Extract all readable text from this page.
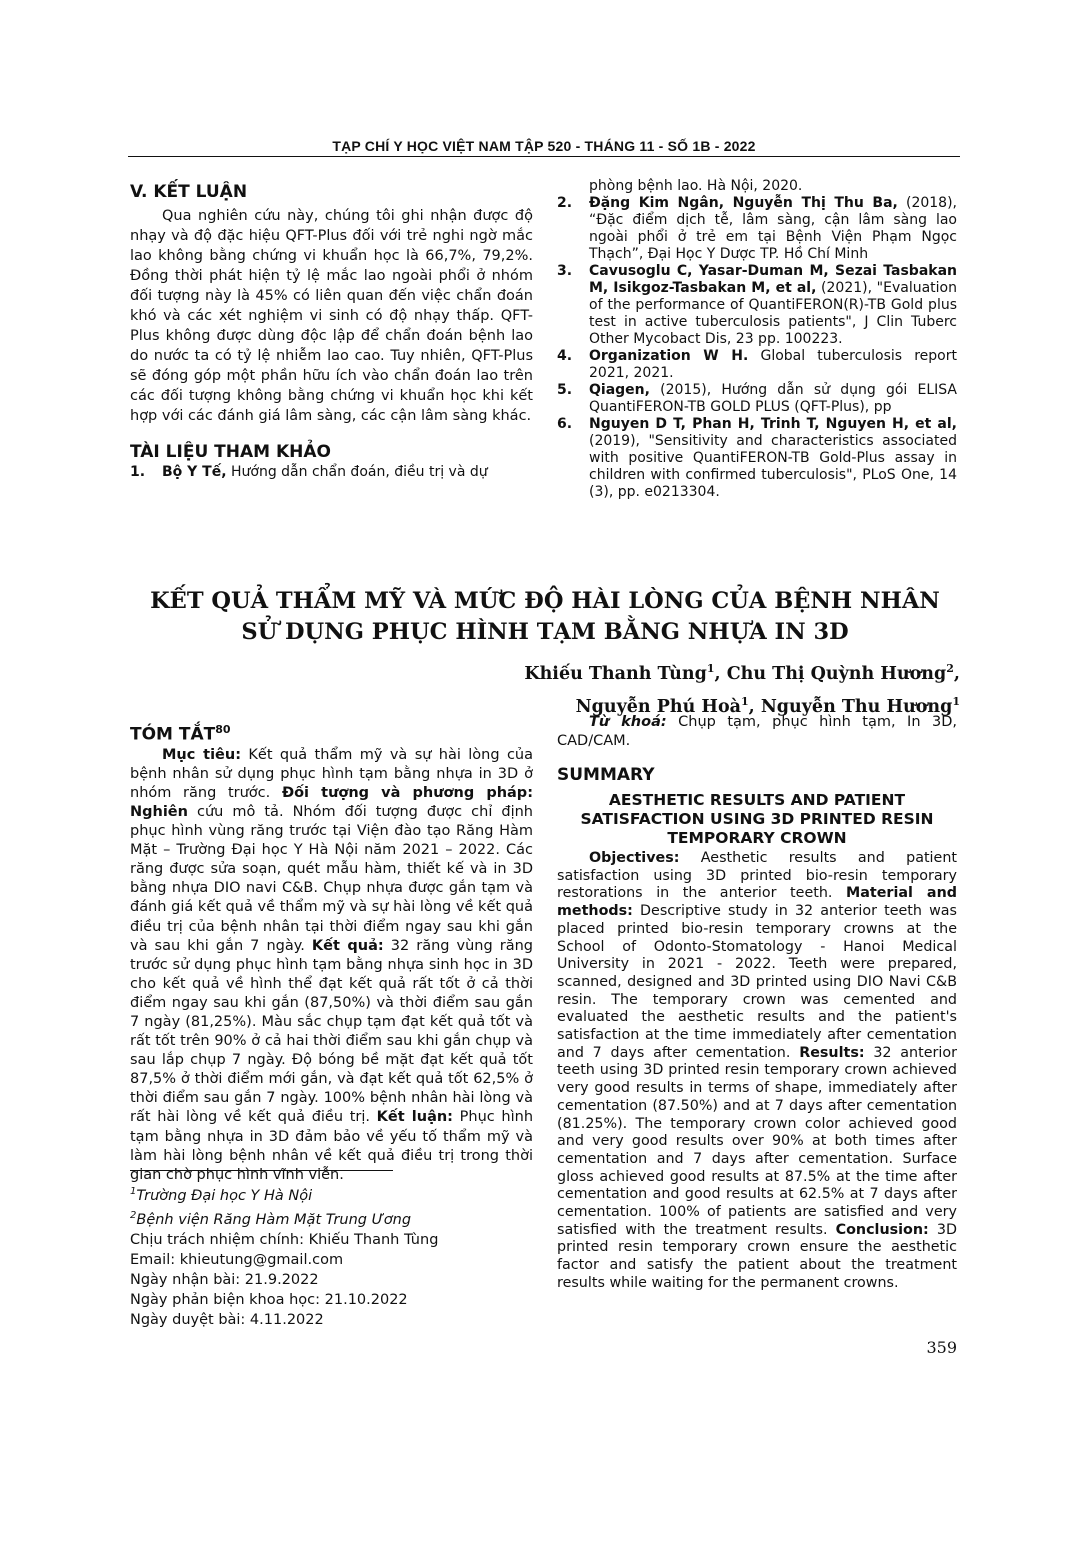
TẠP CHÍ Y HỌC VIỆT NAM TẬP 520 - THÁNG 11 - SỐ 1B - 2022
V. KẾT LUẬN

Qua nghiên cứu này, chúng tôi ghi nhận được độ nhạy và độ đặc hiệu QFT-Plus đối với trẻ nghi ngờ mắc lao không bằng chứng vi khuẩn học là 66,7%, 79,2%. Đồng thời phát hiện tỷ lệ mắc lao ngoài phổi ở nhóm đối tượng này là 45% có liên quan đến việc chẩn đoán khó và các xét nghiệm vi sinh có độ nhạy thấp. QFT-Plus không được dùng độc lập để chẩn đoán bệnh lao do nước ta có tỷ lệ nhiễm lao cao. Tuy nhiên, QFT-Plus sẽ đóng góp một phần hữu ích vào chẩn đoán lao trên các đối tượng không bằng chứng vi khuẩn học khi kết hợp với các đánh giá lâm sàng, các cận lâm sàng khác.

TÀI LIỆU THAM KHẢO
1. Bộ Y Tế, Hướng dẫn chẩn đoán, điều trị và dự
phòng bệnh lao. Hà Nội, 2020.
2. Đặng Kim Ngân, Nguyễn Thị Thu Ba, (2018), “Đặc điểm dịch tễ, lâm sàng, cận lâm sàng lao ngoài phổi ở trẻ em tại Bệnh Viện Phạm Ngọc Thạch”, Đại Học Y Dược TP. Hồ Chí Minh
3. Cavusoglu C, Yasar-Duman M, Sezai Tasbakan M, Isikgoz-Tasbakan M, et al, (2021), "Evaluation of the performance of QuantiFERON(R)-TB Gold plus test in active tuberculosis patients", J Clin Tuberc Other Mycobact Dis, 23 pp. 100223.
4. Organization W H. Global tuberculosis report 2021, 2021.
5. Qiagen, (2015), Hướng dẫn sử dụng gói ELISA QuantiFERON-TB GOLD PLUS (QFT-Plus), pp
6. Nguyen D T, Phan H, Trinh T, Nguyen H, et al, (2019), "Sensitivity and characteristics associated with positive QuantiFERON-TB Gold-Plus assay in children with confirmed tuberculosis", PLoS One, 14 (3), pp. e0213304.
KẾT QUẢ THẨM MỸ VÀ MỨC ĐỘ HÀI LÒNG CỦA BỆNH NHÂN
SỬ DỤNG PHỤC HÌNH TẠM BẰNG NHỰA IN 3D
Khiếu Thanh Tùng$^1$, Chu Thị Quỳnh Hương$^2$,
Nguyễn Phú Hoà$^1$, Nguyễn Thu Hương$^1$
TÓM TẮT$^{80}$

Mục tiêu: Kết quả thẩm mỹ và sự hài lòng của bệnh nhân sử dụng phục hình tạm bằng nhựa in 3D ở nhóm răng trước. Đối tượng và phương pháp: Nghiên cứu mô tả. Nhóm đối tượng được chỉ định phục hình vùng răng trước tại Viện đào tạo Răng Hàm Mặt – Trường Đại học Y Hà Nội năm 2021 – 2022. Các răng được sửa soạn, quét mẫu hàm, thiết kế và in 3D bằng nhựa DIO navi C&B. Chụp nhựa được gắn tạm và đánh giá kết quả về thẩm mỹ và sự hài lòng về kết quả điều trị của bệnh nhân tại thời điểm ngay sau khi gắn và sau khi gắn 7 ngày. Kết quả: 32 răng vùng răng trước sử dụng phục hình tạm bằng nhựa sinh học in 3D cho kết quả về hình thể đạt kết quả rất tốt ở cả thời điểm ngay sau khi gắn (87,50%) và thời điểm sau gắn 7 ngày (81,25%). Màu sắc chụp tạm đạt kết quả tốt và rất tốt trên 90% ở cả hai thời điểm sau khi gắn chụp và sau lắp chụp 7 ngày. Độ bóng bề mặt đạt kết quả tốt 87,5% ở thời điểm mới gắn, và đạt kết quả tốt 62,5% ở thời điểm sau gắn 7 ngày. 100% bệnh nhân hài lòng và rất hài lòng về kết quả điều trị. Kết luận: Phục hình tạm bằng nhựa in 3D đảm bảo về yếu tố thẩm mỹ và làm hài lòng bệnh nhân về kết quả điều trị trong thời gian chờ phục hình vĩnh viễn.

Từ khoá: Chụp tạm, phục hình tạm, In 3D, CAD/CAM.

SUMMARY
AESTHETIC RESULTS AND PATIENT SATISFACTION USING 3D PRINTED RESIN TEMPORARY CROWN

Objectives: Aesthetic results and patient satisfaction using 3D printed bio-resin temporary restorations in the anterior teeth. Material and methods: Descriptive study in 32 anterior teeth was placed printed bio-resin temporary crowns at the School of Odonto-Stomatology - Hanoi Medical University in 2021 - 2022. Teeth were prepared, scanned, designed and 3D printed using DIO Navi C&B resin. The temporary crown was cemented and evaluated the aesthetic results and the patient's satisfaction at the time immediately after cementation and 7 days after cementation. Results: 32 anterior teeth using 3D printed resin temporary crown achieved very good results in terms of shape, immediately after cementation (87.50%) and at 7 days after cementation (81.25%). The temporary crown color achieved good and very good results over 90% at both times after cementation and 7 days after cementation. Surface gloss achieved good results at 87.5% at the time after cementation and good results at 62.5% at 7 days after cementation. 100% of patients are satisfied and very satisfied with the treatment results. Conclusion: 3D printed resin temporary crown ensure the aesthetic factor and satisfy the patient about the treatment results while waiting for the permanent crowns.

$^1$Trường Đại học Y Hà Nội
$^2$Bệnh viện Răng Hàm Mặt Trung Ương
Chịu trách nhiệm chính: Khiếu Thanh Tùng
Email: khieutung@gmail.com
Ngày nhận bài: 21.9.2022
Ngày phản biện khoa học: 21.10.2022
Ngày duyệt bài: 4.11.2022
359
